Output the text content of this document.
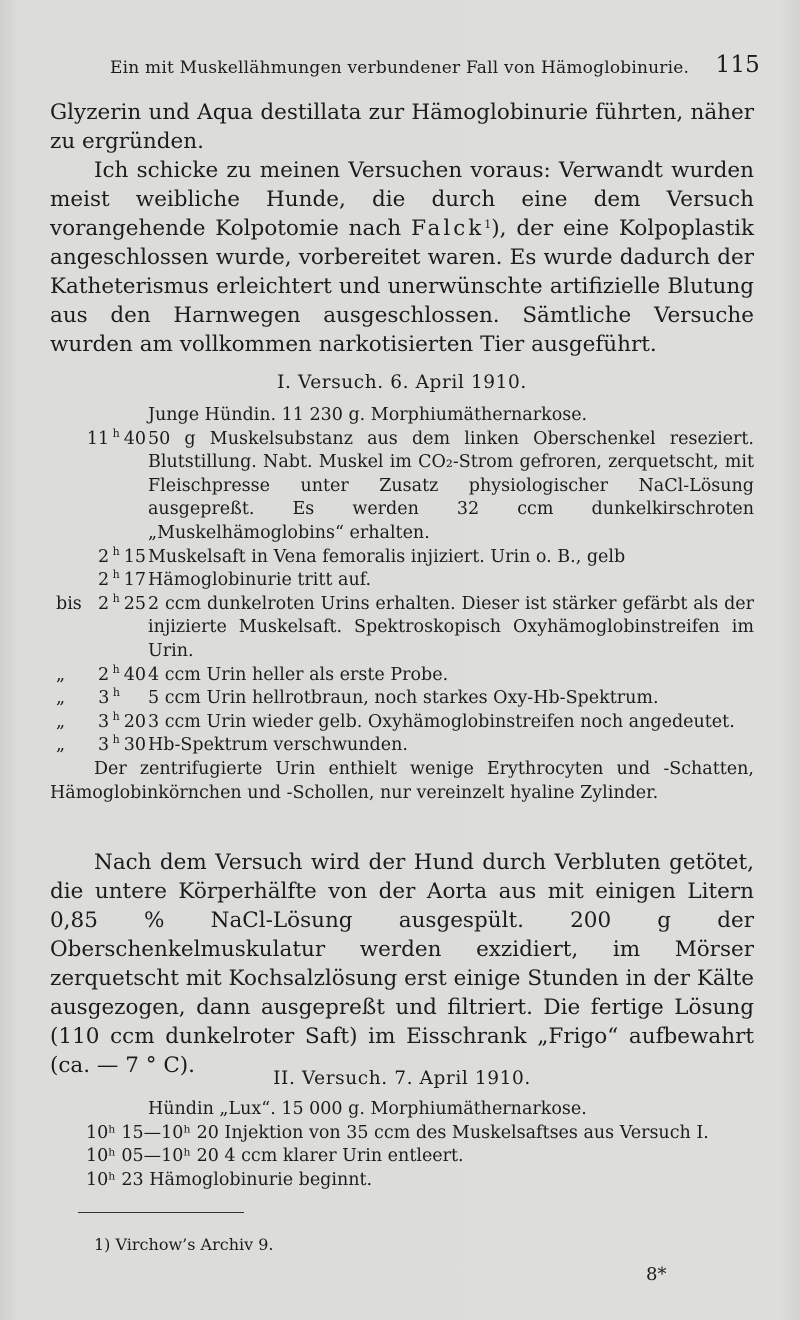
Ein mit Muskellähmungen verbundener Fall von Hämoglobinurie. 115

Glyzerin und Aqua destillata zur Hämoglobinurie führten, näher zu ergründen.

Ich schicke zu meinen Versuchen voraus: Verwandt wurden meist weibliche Hunde, die durch eine dem Versuch vorangehende Kolpotomie nach Falck$^1$), der eine Kolpoplastik angeschlossen wurde, vorbereitet waren. Es wurde dadurch der Katheterismus erleichtert und unerwünschte artifizielle Blutung aus den Harnwegen ausgeschlossen. Sämtliche Versuche wurden am vollkommen narkotisierten Tier ausgeführt.

I. Versuch. 6. April 1910.
Junge Hündin. 11 230 g. Morphiumäthernarkose.
11 $^h$ 40 50 g Muskelsubstanz aus dem linken Oberschenkel reseziert. Blutstillung. Nabt. Muskel im CO₂-Strom gefroren, zerquetscht, mit Fleischpresse unter Zusatz physiologischer NaCl-Lösung ausgepreßt. Es werden 32 ccm dunkelkirschroten „Muskelhämoglobins“ erhalten.
2 $^h$ 15 Muskelsaft in Vena femoralis injiziert. Urin o. B., gelb
2 $^h$ 17 Hämoglobinurie tritt auf.
bis 2 $^h$ 25 2 ccm dunkelroten Urins erhalten. Dieser ist stärker gefärbt als der injizierte Muskelsaft. Spektroskopisch Oxyhämoglobinstreifen im Urin.
„ 2 $^h$ 40 4 ccm Urin heller als erste Probe.
„ 3 $^h$	5 ccm Urin hellrotbraun, noch starkes Oxy-Hb-Spektrum.
„ 3 $^h$ 20 3 ccm Urin wieder gelb. Oxyhämoglobinstreifen noch angedeutet.
„ 3 $^h$ 30 Hb-Spektrum verschwunden.
Der zentrifugierte Urin enthielt wenige Erythrocyten und -Schatten, Hämoglobinkörnchen und -Schollen, nur vereinzelt hyaline Zylinder.

Nach dem Versuch wird der Hund durch Verbluten getötet, die untere Körperhälfte von der Aorta aus mit einigen Litern 0,85 % NaCl-Lösung ausgespült. 200 g der Oberschenkelmuskulatur werden exzidiert, im Mörser zerquetscht mit Kochsalzlösung erst einige Stunden in der Kälte ausgezogen, dann ausgepreßt und filtriert. Die fertige Lösung (110 ccm dunkelroter Saft) im Eisschrank „Frigo“ aufbewahrt (ca. — 7 ° C).

II. Versuch. 7. April 1910.
Hündin „Lux“. 15 000 g. Morphiumäthernarkose.
10ʰ 15—10ʰ 20 Injektion von 35 ccm des Muskelsaftses aus Versuch I.
10ʰ 05—10ʰ 20 4 ccm klarer Urin entleert.
10ʰ 23 Hämoglobinurie beginnt.
1) Virchow’s Archiv 9.
8*
